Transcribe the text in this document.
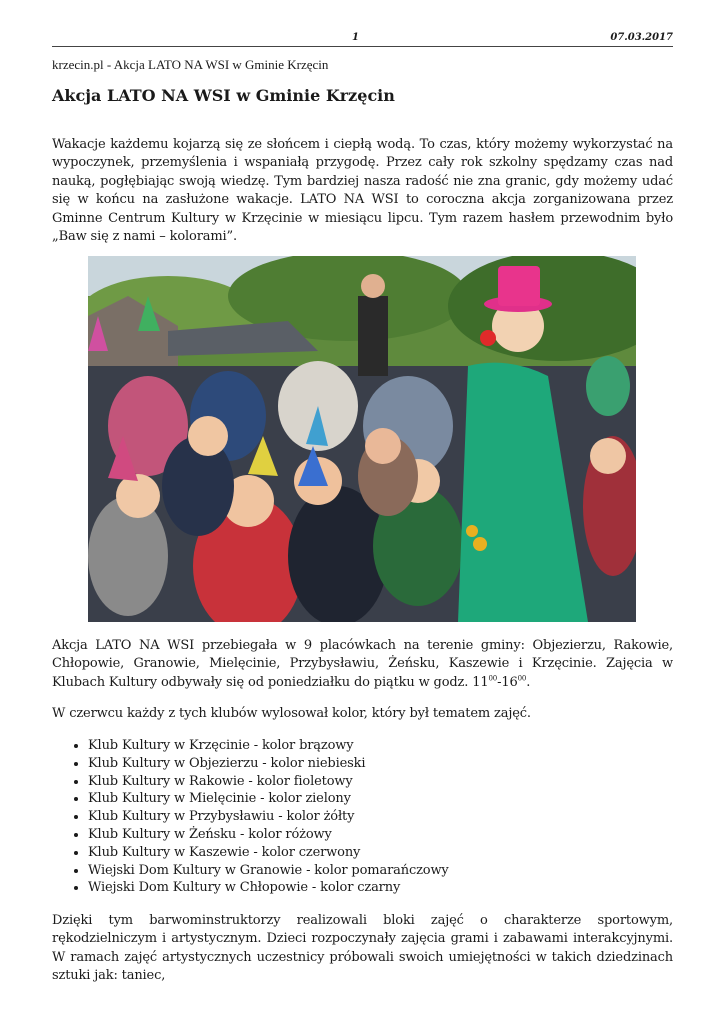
1	07.03.2017
krzecin.pl - Akcja LATO NA WSI w Gminie Krzęcin
Akcja LATO NA WSI w Gminie Krzęcin

Wakacje każdemu kojarzą się ze słońcem i ciepłą wodą. To czas, który możemy wykorzystać na wypoczynek, przemyślenia i wspaniałą przygodę. Przez cały rok szkolny spędzamy czas nad nauką, pogłębiając swoją wiedzę. Tym bardziej nasza radość nie zna granic, gdy możemy udać się w końcu na zasłużone wakacje. LATO NA WSI to coroczna akcja zorganizowana przez Gminne Centrum Kultury w Krzęcinie w miesiącu lipcu. Tym razem hasłem przewodnim było „Baw się z nami – kolorami”.

Akcja LATO NA WSI przebiegała w 9 placówkach na terenie gminy: Objezierzu, Rakowie, Chłopowie, Granowie, Mielęcinie, Przybysławiu, Żeńsku, Kaszewie i Krzęcinie. Zajęcia w Klubach Kultury odbywały się od poniedziałku do piątku w godz. $11^{00}-16^{00}$.

W czerwcu każdy z tych klubów wylosował kolor, który był tematem zajęć.

• Klub Kultury w Krzęcinie - kolor brązowy
• Klub Kultury w Objezierzu - kolor niebieski
• Klub Kultury w Rakowie - kolor fioletowy
• Klub Kultury w Mielęcinie - kolor zielony
• Klub Kultury w Przybysławiu - kolor żółty
• Klub Kultury w Żeńsku - kolor różowy
• Klub Kultury w Kaszewie - kolor czerwony
• Wiejski Dom Kultury w Granowie - kolor pomarańczowy
• Wiejski Dom Kultury w Chłopowie - kolor czarny

Dzięki tym barwominstruktorzy realizowali bloki zajęć o charakterze sportowym, rękodzielniczym i artystycznym. Dzieci rozpoczynały zajęcia grami i zabawami interakcyjnymi. W ramach zajęć artystycznych uczestnicy próbowali swoich umiejętności w takich dziedzinach sztuki jak: taniec,
